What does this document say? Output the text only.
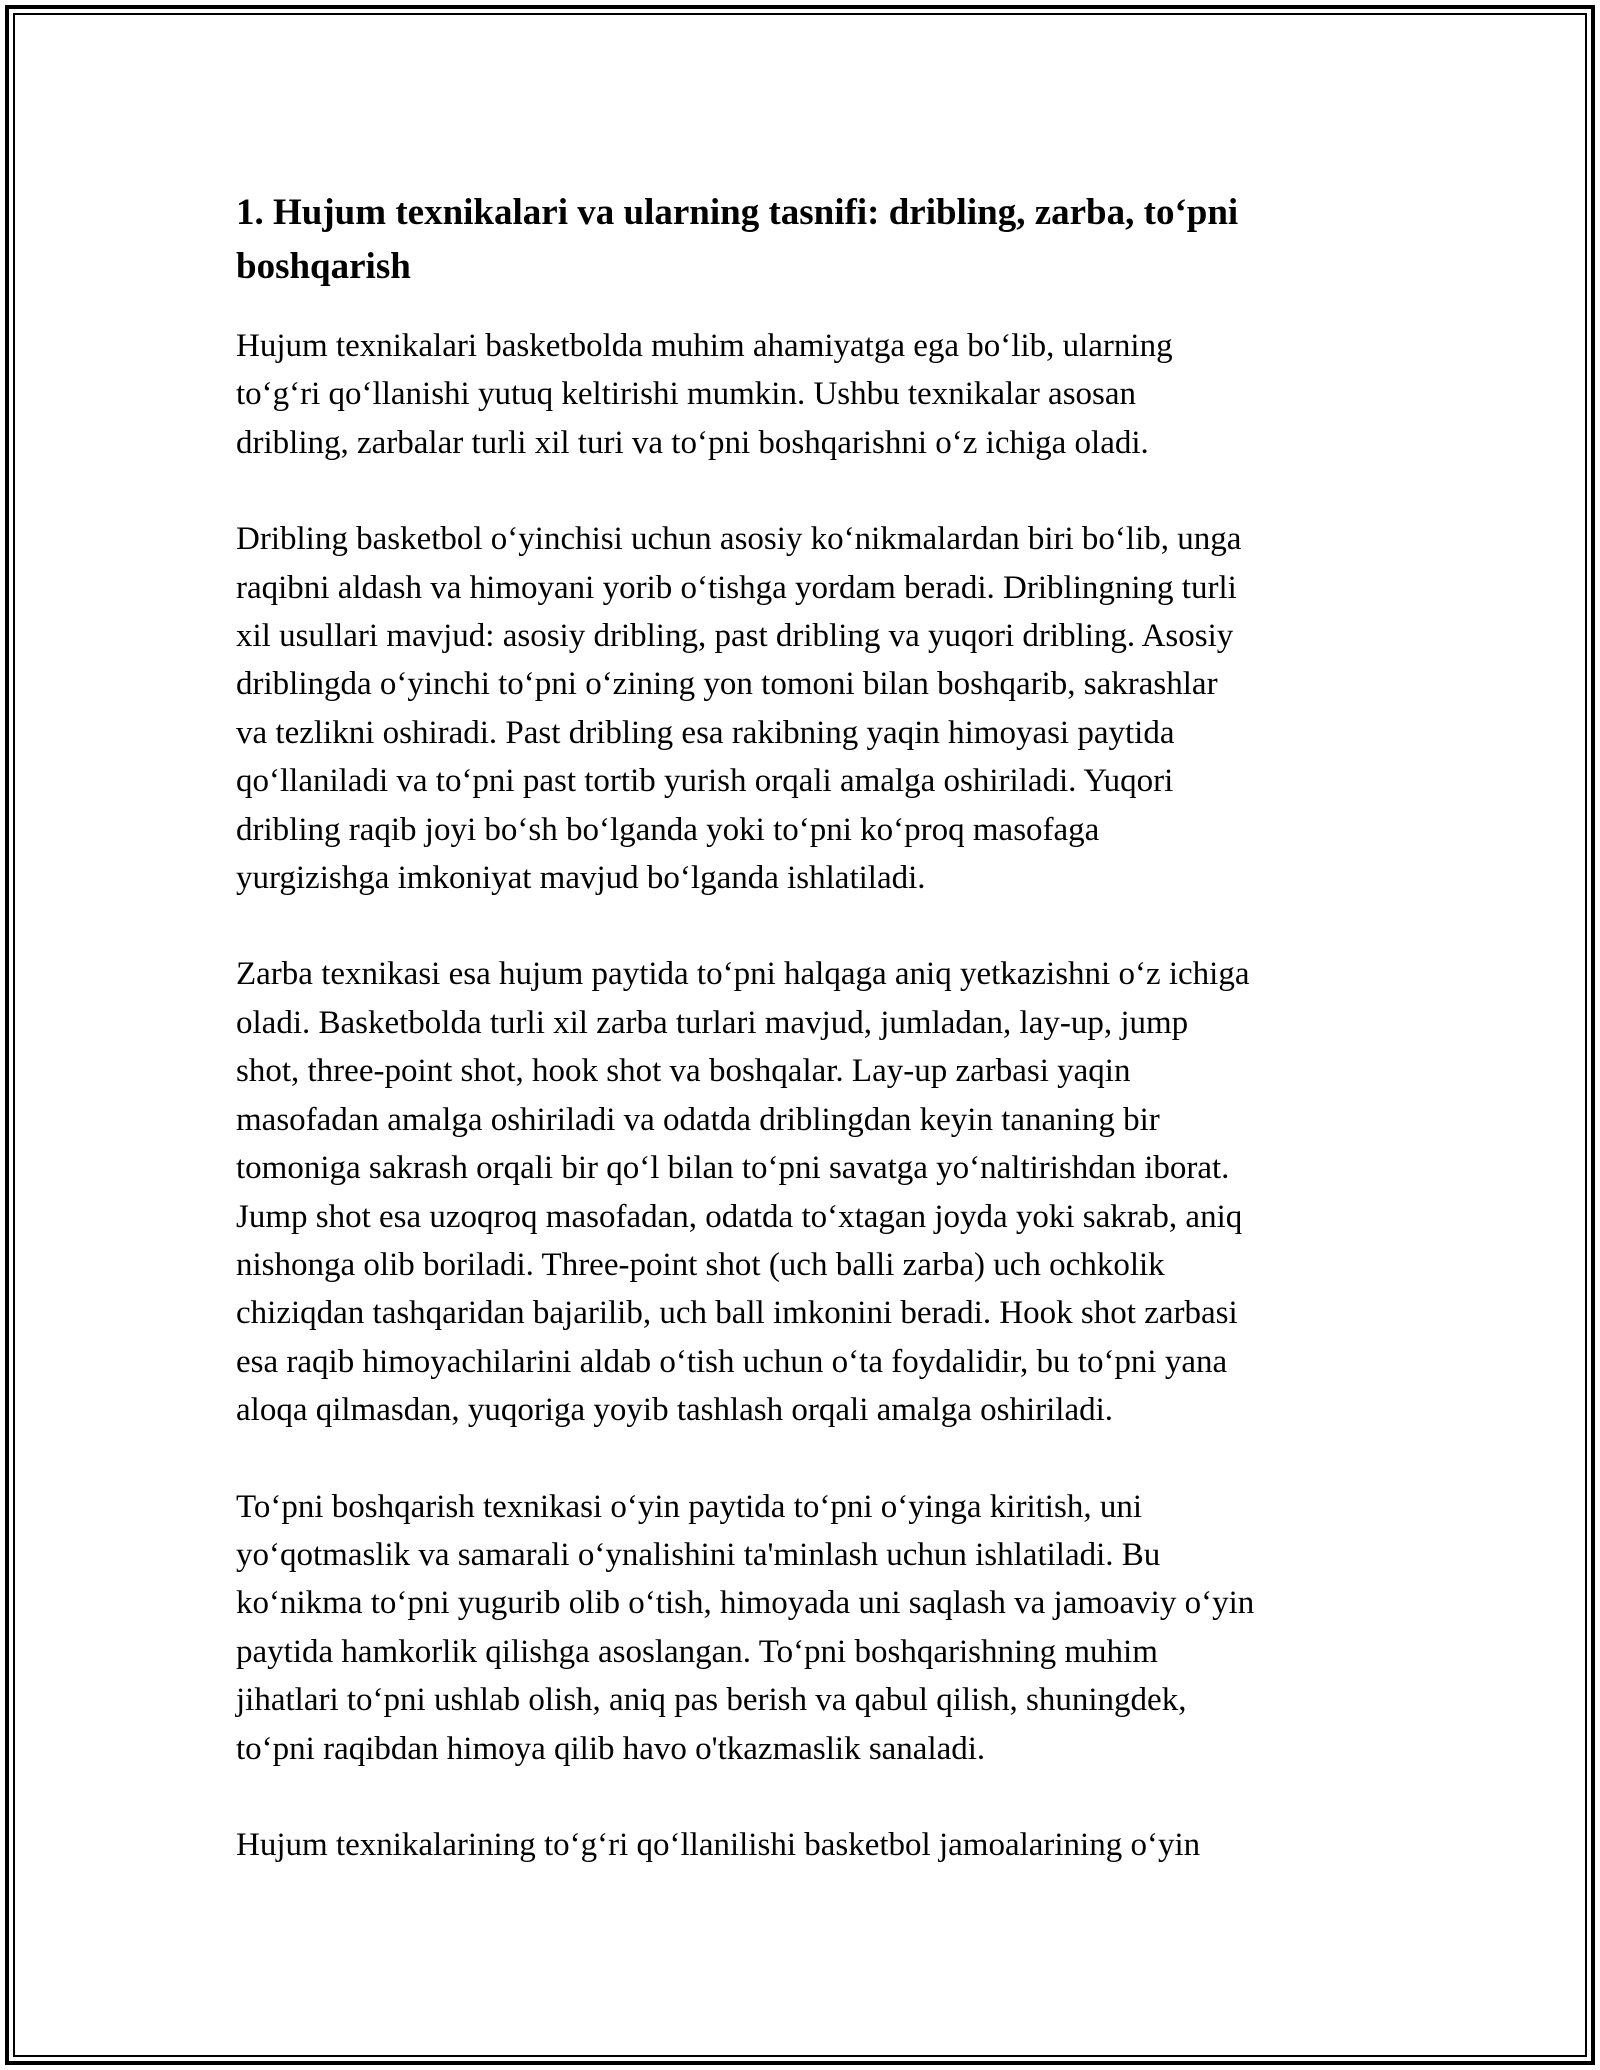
1. Hujum texnikalari va ularning tasnifi: dribling, zarba, to‘pni boshqarish

Hujum texnikalari basketbolda muhim ahamiyatga ega bo‘lib, ularning
to‘g‘ri qo‘llanishi yutuq keltirishi mumkin. Ushbu texnikalar asosan
dribling, zarbalar turli xil turi va to‘pni boshqarishni o‘z ichiga oladi.

Dribling basketbol o‘yinchisi uchun asosiy ko‘nikmalardan biri bo‘lib, unga
raqibni aldash va himoyani yorib o‘tishga yordam beradi. Driblingning turli
xil usullari mavjud: asosiy dribling, past dribling va yuqori dribling. Asosiy
driblingda o‘yinchi to‘pni o‘zining yon tomoni bilan boshqarib, sakrashlar
va tezlikni oshiradi. Past dribling esa rakibning yaqin himoyasi paytida
qo‘llaniladi va to‘pni past tortib yurish orqali amalga oshiriladi. Yuqori
dribling raqib joyi bo‘sh bo‘lganda yoki to‘pni ko‘proq masofaga
yurgizishga imkoniyat mavjud bo‘lganda ishlatiladi.

Zarba texnikasi esa hujum paytida to‘pni halqaga aniq yetkazishni o‘z ichiga
oladi. Basketbolda turli xil zarba turlari mavjud, jumladan, lay-up, jump
shot, three-point shot, hook shot va boshqalar. Lay-up zarbasi yaqin
masofadan amalga oshiriladi va odatda driblingdan keyin tananing bir
tomoniga sakrash orqali bir qo‘l bilan to‘pni savatga yo‘naltirishdan iborat.
Jump shot esa uzoqroq masofadan, odatda to‘xtagan joyda yoki sakrab, aniq
nishonga olib boriladi. Three-point shot (uch balli zarba) uch ochkolik
chiziqdan tashqaridan bajarilib, uch ball imkonini beradi. Hook shot zarbasi
esa raqib himoyachilarini aldab o‘tish uchun o‘ta foydalidir, bu to‘pni yana
aloqa qilmasdan, yuqoriga yoyib tashlash orqali amalga oshiriladi.

To‘pni boshqarish texnikasi o‘yin paytida to‘pni o‘yinga kiritish, uni
yo‘qotmaslik va samarali o‘ynalishini ta'minlash uchun ishlatiladi. Bu
ko‘nikma to‘pni yugurib olib o‘tish, himoyada uni saqlash va jamoaviy o‘yin
paytida hamkorlik qilishga asoslangan. To‘pni boshqarishning muhim
jihatlari to‘pni ushlab olish, aniq pas berish va qabul qilish, shuningdek,
to‘pni raqibdan himoya qilib havo o'tkazmaslik sanaladi.

Hujum texnikalarining to‘g‘ri qo‘llanilishi basketbol jamoalarining o‘yin
